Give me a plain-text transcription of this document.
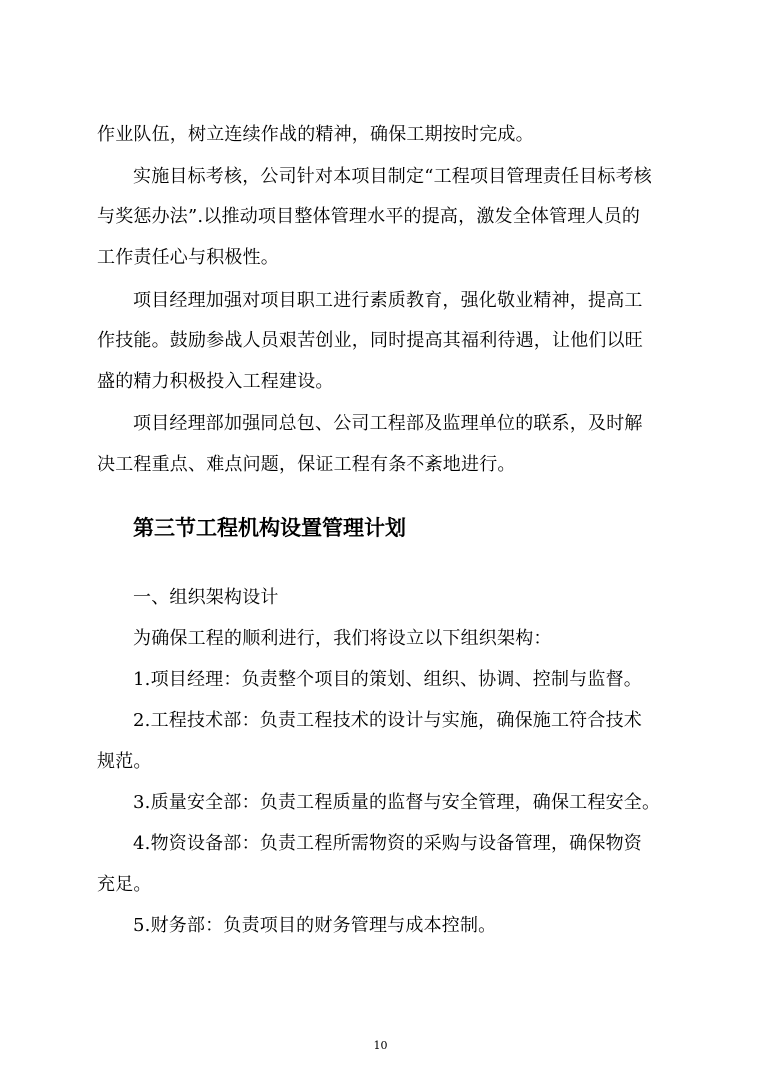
作业队伍，树立连续作战的精神，确保工期按时完成。
实施目标考核，公司针对本项目制定“工程项目管理责任目标考核
与奖惩办法”.以推动项目整体管理水平的提高，激发全体管理人员的
工作责任心与积极性。
项目经理加强对项目职工进行素质教育，强化敬业精神，提高工
作技能。鼓励参战人员艰苦创业，同时提高其福利待遇，让他们以旺
盛的精力积极投入工程建设。
项目经理部加强同总包、公司工程部及监理单位的联系，及时解
决工程重点、难点问题，保证工程有条不紊地进行。
第三节工程机构设置管理计划
一、组织架构设计
为确保工程的顺利进行，我们将设立以下组织架构：
1.项目经理：负责整个项目的策划、组织、协调、控制与监督。
2.工程技术部：负责工程技术的设计与实施，确保施工符合技术
规范。
3.质量安全部：负责工程质量的监督与安全管理，确保工程安全。
4.物资设备部：负责工程所需物资的采购与设备管理，确保物资
充足。
5.财务部：负责项目的财务管理与成本控制。
10
